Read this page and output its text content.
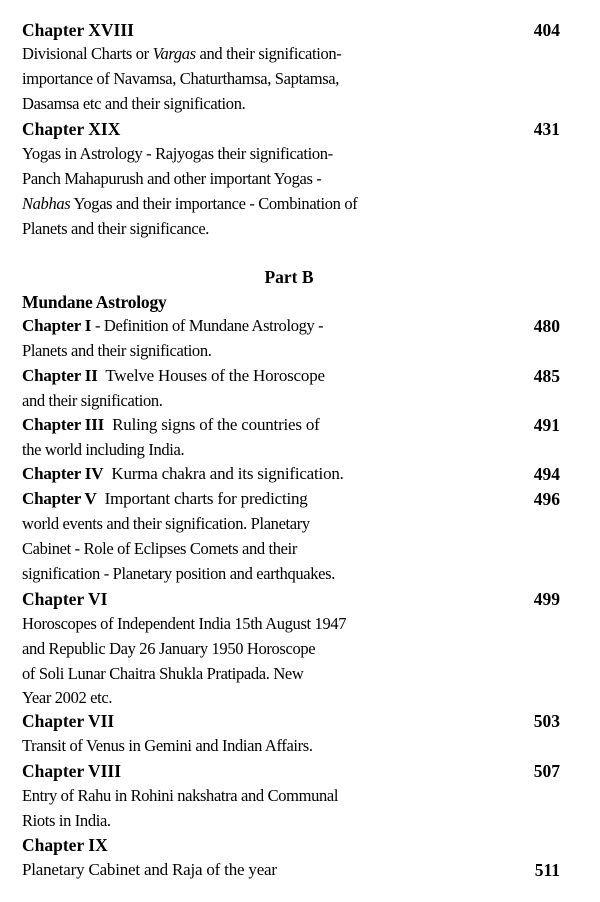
Chapter XVIII	404
Divisional Charts or Vargas and their signification-
importance of Navamsa, Chaturthamsa, Saptamsa,
Dasamsa etc and their signification.
Chapter XIX	431
Yogas in Astrology - Rajyogas their signification-
Panch Mahapurush and other important Yogas -
Nabhas Yogas and their importance - Combination of
Planets and their significance.
Part B
Mundane Astrology
Chapter I - Definition of Mundane Astrology -	480
Planets and their signification.
Chapter II  Twelve Houses of the Horoscope	485
and their signification.
Chapter III  Ruling signs of the countries of	491
the world including India.
Chapter IV  Kurma chakra and its signification.	494
Chapter V  Important charts for predicting	496
world events and their signification. Planetary
Cabinet - Role of Eclipses Comets and their
signification - Planetary position and earthquakes.
Chapter VI	499
Horoscopes of Independent India 15th August 1947
and Republic Day 26 January 1950 Horoscope
of Soli Lunar Chaitra Shukla Pratipada. New
Year 2002 etc.
Chapter VII	503
Transit of Venus in Gemini and Indian Affairs.
Chapter VIII	507
Entry of Rahu in Rohini nakshatra and Communal
Riots in India.
Chapter IX
Planetary Cabinet and Raja of the year	511
